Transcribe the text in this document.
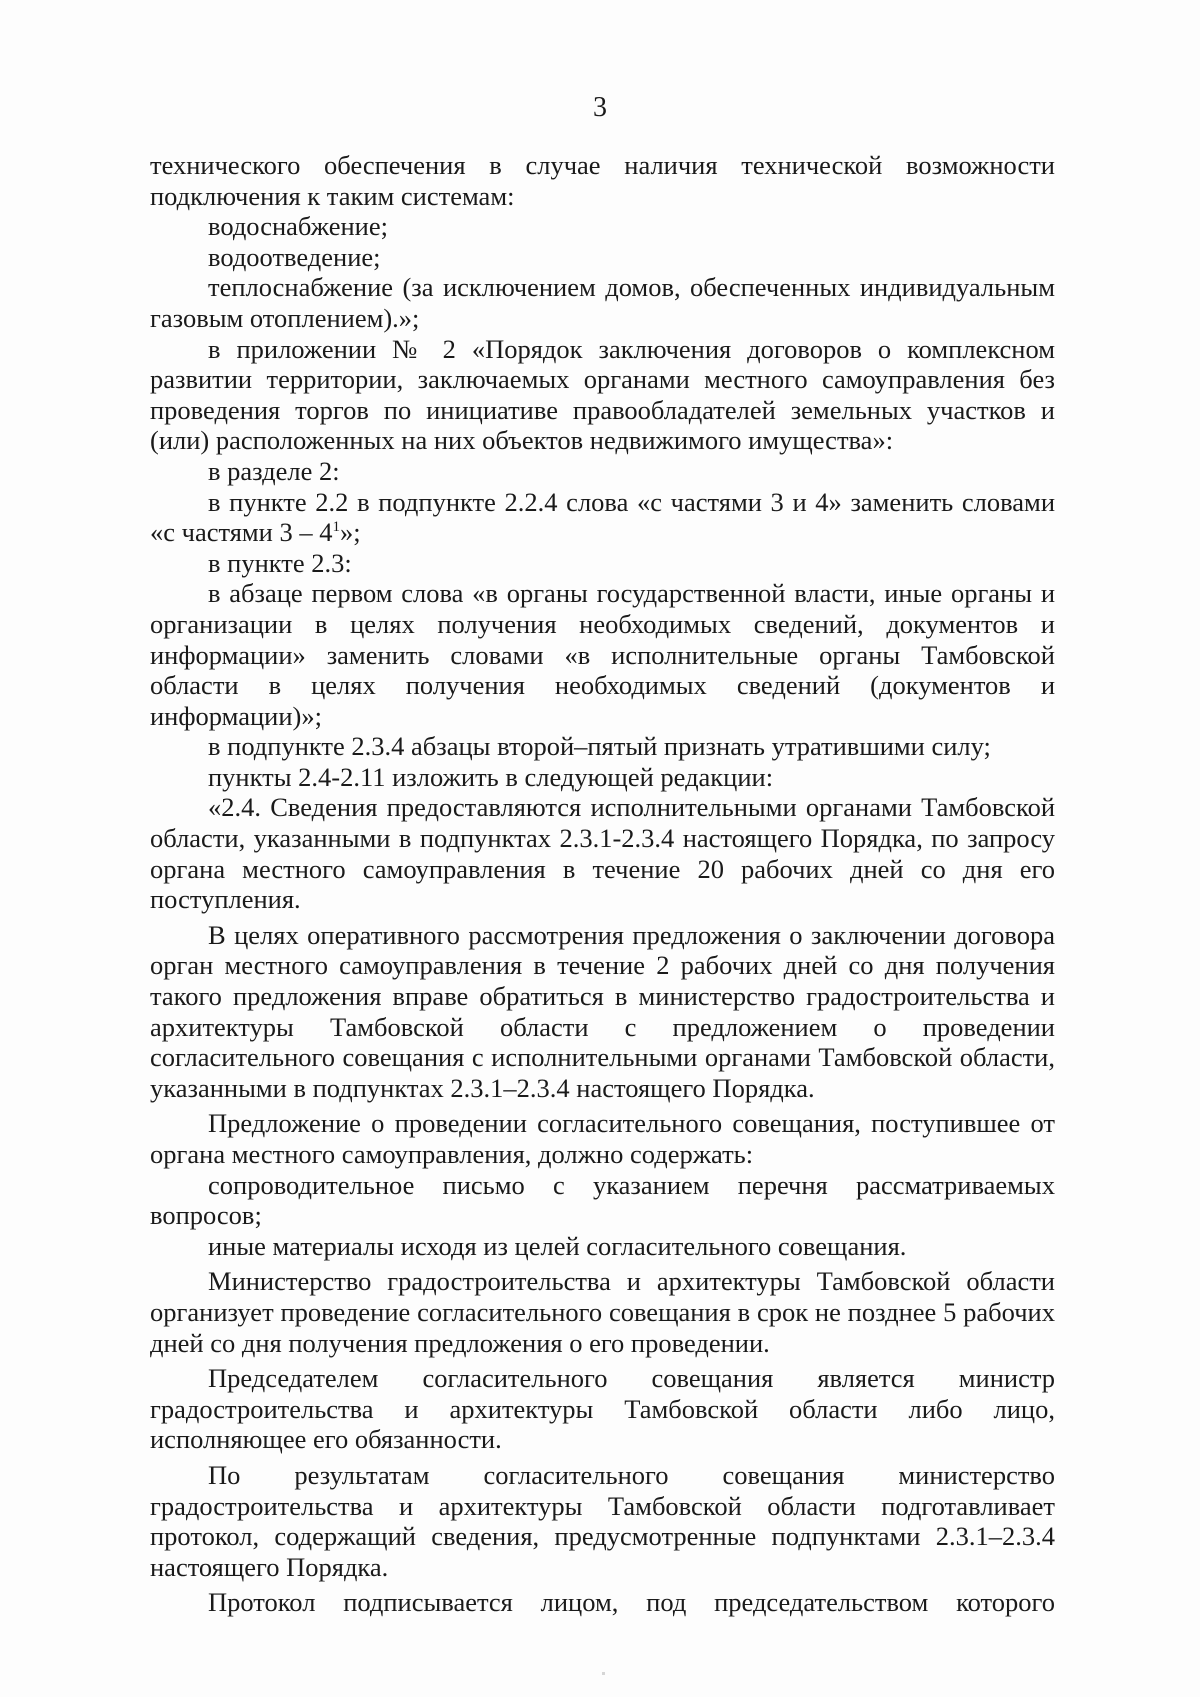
3

технического обеспечения в случае наличия технической возможности подключения к таким системам:

водоснабжение;

водоотведение;

теплоснабжение (за исключением домов, обеспеченных индивидуальным газовым отоплением).»;

в приложении № 2 «Порядок заключения договоров о комплексном развитии территории, заключаемых органами местного самоуправления без проведения торгов по инициативе правообладателей земельных участков и (или) расположенных на них объектов недвижимого имущества»:

в разделе 2:

в пункте 2.2 в подпункте 2.2.4 слова «с частями 3 и 4» заменить словами «с частями $3 - 4^1$»;

в пункте 2.3:

в абзаце первом слова «в органы государственной власти, иные органы и организации в целях получения необходимых сведений, документов и информации» заменить словами «в исполнительные органы Тамбовской области в целях получения необходимых сведений (документов и информации)»;

в подпункте 2.3.4 абзацы второй–пятый признать утратившими силу;

пункты 2.4-2.11 изложить в следующей редакции:

«2.4. Сведения предоставляются исполнительными органами Тамбовской области, указанными в подпунктах 2.3.1-2.3.4 настоящего Порядка, по запросу органа местного самоуправления в течение 20 рабочих дней со дня его поступления.

В целях оперативного рассмотрения предложения о заключении договора орган местного самоуправления в течение 2 рабочих дней со дня получения такого предложения вправе обратиться в министерство градостроительства и архитектуры Тамбовской области с предложением о проведении согласительного совещания с исполнительными органами Тамбовской области, указанными в подпунктах 2.3.1–2.3.4 настоящего Порядка.

Предложение о проведении согласительного совещания, поступившее от органа местного самоуправления, должно содержать:

сопроводительное письмо с указанием перечня рассматриваемых вопросов;

иные материалы исходя из целей согласительного совещания.

Министерство градостроительства и архитектуры Тамбовской области организует проведение согласительного совещания в срок не позднее 5 рабочих дней со дня получения предложения о его проведении.

Председателем согласительного совещания является министр градостроительства и архитектуры Тамбовской области либо лицо, исполняющее его обязанности.

По результатам согласительного совещания министерство градостроительства и архитектуры Тамбовской области подготавливает протокол, содержащий сведения, предусмотренные подпунктами 2.3.1–2.3.4 настоящего Порядка.

Протокол подписывается лицом, под председательством которого
